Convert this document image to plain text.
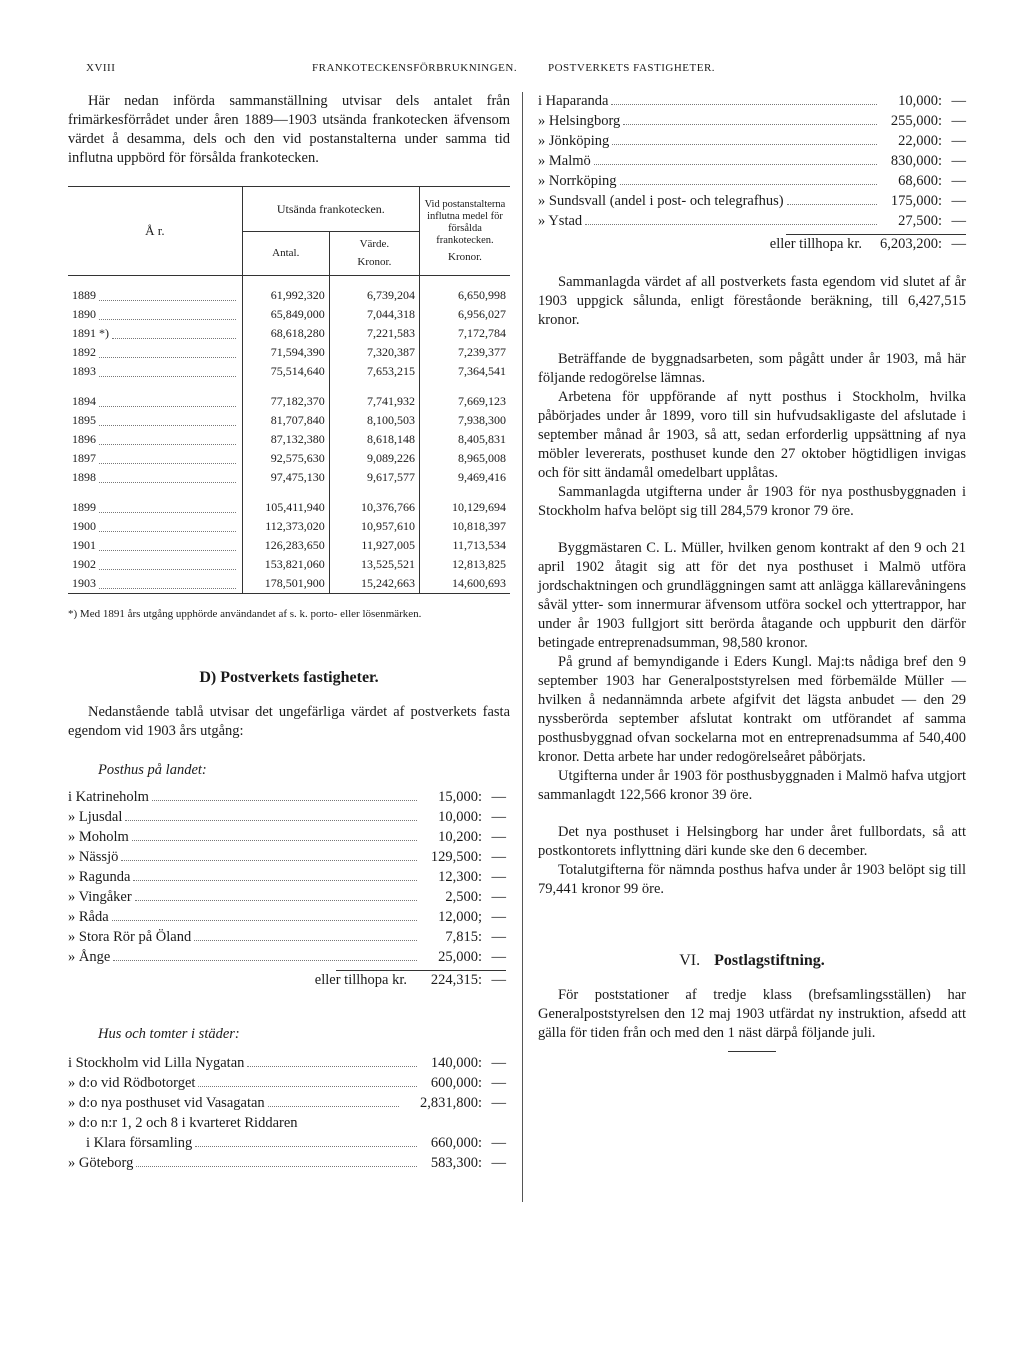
XVIII	FRANKOTECKENSFÖRBRUKNINGEN.	POSTVERKETS FASTIGHETER.

Här nedan införda sammanställning utvisar dels antalet från frimärkesförrådet under åren 1889—1903 utsända frankotecken äfvensom värdet å desamma, dels och den vid postanstalterna under samma tid influtna uppbörd för försålda frankotecken.

Å r.	Utsända frankotecken.		Vid postanstalterna influtna medel för försålda frankotecken.
Kronor.

	Antal.	Värde.
Kronor.	

1889	61,992,320	6,739,204	6,650,998

1890	65,849,000	7,044,318	6,956,027

1891 *)	68,618,280	7,221,583	7,172,784

1892	71,594,390	7,320,387	7,239,377

1893	75,514,640	7,653,215	7,364,541

1894	77,182,370	7,741,932	7,669,123

1895	81,707,840	8,100,503	7,938,300

1896	87,132,380	8,618,148	8,405,831

1897	92,575,630	9,089,226	8,965,008

1898	97,475,130	9,617,577	9,469,416

1899	105,411,940	10,376,766	10,129,694

1900	112,373,020	10,957,610	10,818,397

1901	126,283,650	11,927,005	11,713,534

1902	153,821,060	13,525,521	12,813,825

1903	178,501,900	15,242,663	14,600,693

*) Med 1891 års utgång upphörde användandet af s. k. porto- eller lösenmärken.

D) Postverkets fastigheter.

Nedanstående tablå utvisar det ungefärliga värdet af postverkets fasta egendom vid 1903 års utgång:

Posthus på landet:
i Katrineholm	15,000: —
» Ljusdal	10,000: —
» Moholm	10,200: —
» Nässjö	129,500: —
» Ragunda	12,300: —
» Vingåker	2,500: —
» Råda	12,000; —
» Stora Rör på Öland	7,815: —
» Ånge	25,000: —
eller tillhopa kr.	224,315: —
Hus och tomter i städer:
i Stockholm vid Lilla Nygatan	140,000: —
» d:o vid Rödbotorget	600,000: —
» d:o nya posthuset vid Vasagatan	2,831,800: —
» d:o n:r 1, 2 och 8 i kvarteret Riddaren
i Klara församling	660,000: —
» Göteborg	583,300: —
i Haparanda	10,000: —
» Helsingborg	255,000: —
» Jönköping	22,000: —
» Malmö	830,000: —
» Norrköping	68,600: —
» Sundsvall (andel i post- och telegrafhus)	175,000: —
» Ystad	27,500: —
eller tillhopa kr.	6,203,200: —

Sammanlagda värdet af all postverkets fasta egendom vid slutet af år 1903 uppgick sålunda, enligt föreståonde beräkning, till 6,427,515 kronor.

Beträffande de byggnadsarbeten, som pågått under år 1903, må här följande redogörelse lämnas.

Arbetena för uppförande af nytt posthus i Stockholm, hvilka påbörjades under år 1899, voro till sin hufvudsakligaste del afslutade i september månad år 1903, så att, sedan erforderlig uppsättning af nya möbler levererats, posthuset kunde den 27 oktober högtidligen invigas och för sitt ändamål omedelbart upplåtas.

Sammanlagda utgifterna under år 1903 för nya posthusbyggnaden i Stockholm hafva belöpt sig till 284,579 kronor 79 öre.

Byggmästaren C. L. Müller, hvilken genom kontrakt af den 9 och 21 april 1902 åtagit sig att för det nya posthuset i Malmö utföra jordschaktningen och grundläggningen samt att anlägga källarevåningens såväl ytter- som innermurar äfvensom utföra sockel och yttertrappor, har under år 1903 fullgjort sitt berörda åtagande och uppburit den därför betingade entreprenadsumman, 98,580 kronor.

På grund af bemyndigande i Eders Kungl. Maj:ts nådiga bref den 9 september 1903 har Generalpoststyrelsen med förbemälde Müller — hvilken å nedannämnda arbete afgifvit det lägsta anbudet — den 29 nyssberörda september afslutat kontrakt om utförandet af samma posthusbyggnad ofvan sockelarna mot en entreprenadsumma af 540,400 kronor. Detta arbete har under redogörelseåret påbörjats.

Utgifterna under år 1903 för posthusbyggnaden i Malmö hafva utgjort sammanlagdt 122,566 kronor 39 öre.

Det nya posthuset i Helsingborg har under året fullbordats, så att postkontorets inflyttning däri kunde ske den 6 december.

Totalutgifterna för nämnda posthus hafva under år 1903 belöpt sig till 79,441 kronor 99 öre.

VI. Postlagstiftning.

För poststationer af tredje klass (brefsamlingsställen) har Generalpoststyrelsen den 12 maj 1903 utfärdat ny instruktion, afsedd att gälla för tiden från och med den 1 näst därpå följande juli.
